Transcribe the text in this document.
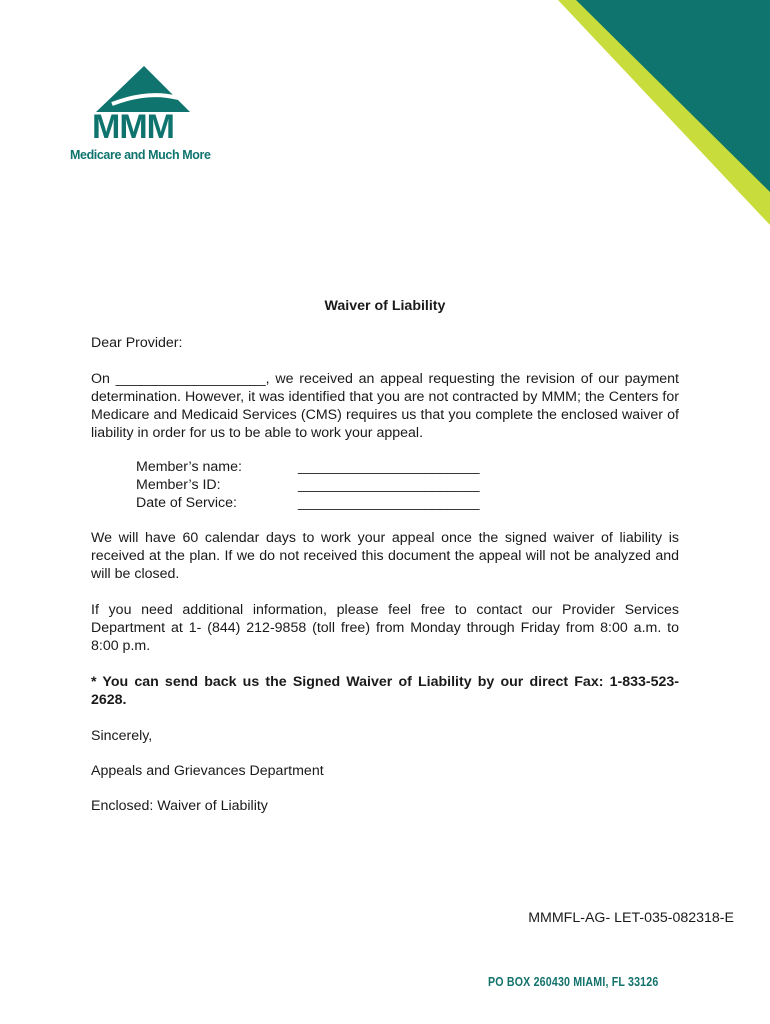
MMM
Medicare and Much More
Waiver of Liability
Dear Provider:
On ___________________, we received an appeal requesting the revision of our payment determination. However, it was identified that you are not contracted by MMM; the Centers for Medicare and Medicaid Services (CMS) requires us that you complete the enclosed waiver of liability in order for us to be able to work your appeal.
Member’s name:	_______________________
Member’s ID:	_______________________
Date of Service:	_______________________
We will have 60 calendar days to work your appeal once the signed waiver of liability is received at the plan. If we do not received this document the appeal will not be analyzed and will be closed.
If you need additional information, please feel free to contact our Provider Services Department at 1- (844) 212-9858 (toll free) from Monday through Friday from 8:00 a.m. to 8:00 p.m.
* You can send back us the Signed Waiver of Liability by our direct Fax: 1-833-523-2628.
Sincerely,
Appeals and Grievances Department
Enclosed: Waiver of Liability
MMMFL-AG- LET-035-082318-E
PO BOX 260430 MIAMI, FL 33126
